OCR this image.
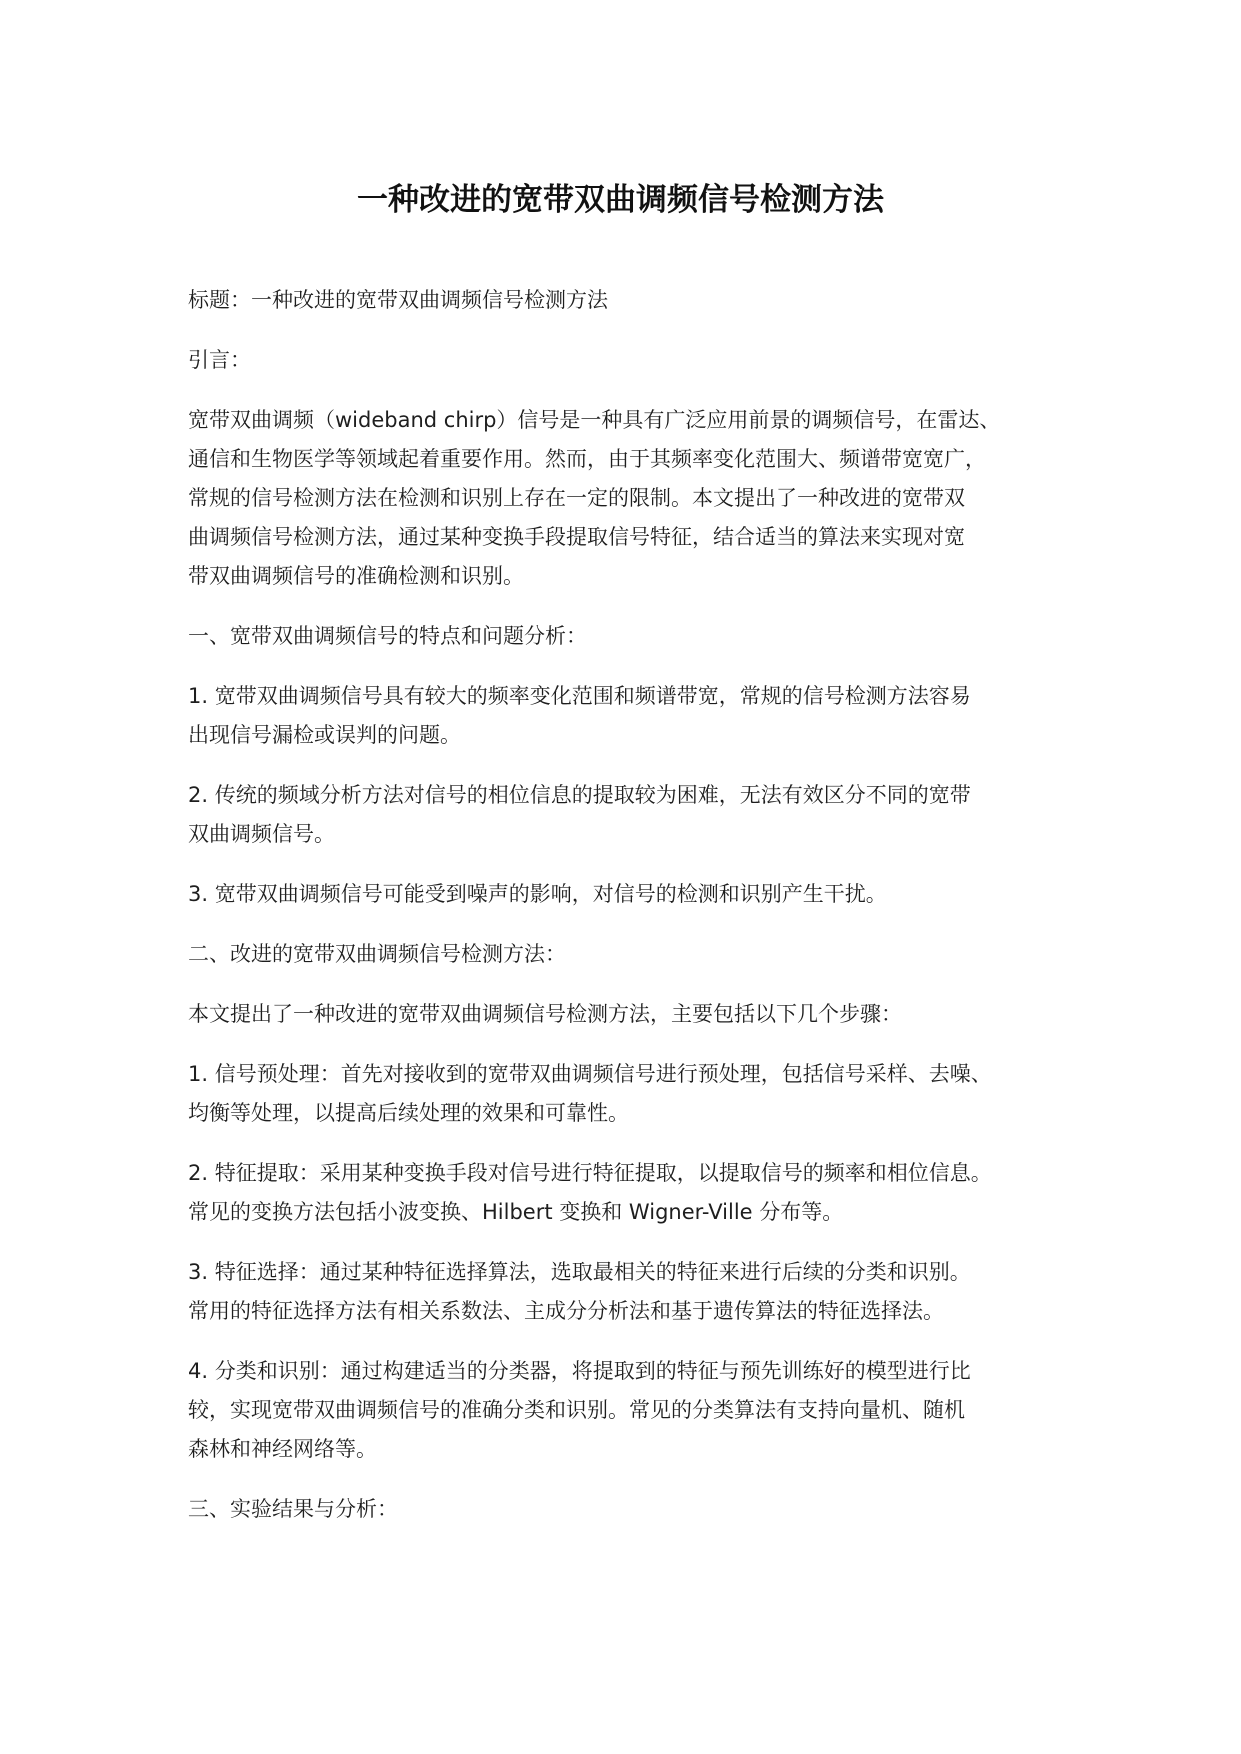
一种改进的宽带双曲调频信号检测方法

标题：一种改进的宽带双曲调频信号检测方法

引言：

宽带双曲调频（wideband chirp）信号是一种具有广泛应用前景的调频信号，在雷达、
通信和生物医学等领域起着重要作用。然而，由于其频率变化范围大、频谱带宽宽广，
常规的信号检测方法在检测和识别上存在一定的限制。本文提出了一种改进的宽带双
曲调频信号检测方法，通过某种变换手段提取信号特征，结合适当的算法来实现对宽
带双曲调频信号的准确检测和识别。

一、宽带双曲调频信号的特点和问题分析：

1. 宽带双曲调频信号具有较大的频率变化范围和频谱带宽，常规的信号检测方法容易
出现信号漏检或误判的问题。

2. 传统的频域分析方法对信号的相位信息的提取较为困难，无法有效区分不同的宽带
双曲调频信号。

3. 宽带双曲调频信号可能受到噪声的影响，对信号的检测和识别产生干扰。

二、改进的宽带双曲调频信号检测方法：

本文提出了一种改进的宽带双曲调频信号检测方法，主要包括以下几个步骤：

1. 信号预处理：首先对接收到的宽带双曲调频信号进行预处理，包括信号采样、去噪、
均衡等处理，以提高后续处理的效果和可靠性。

2. 特征提取：采用某种变换手段对信号进行特征提取，以提取信号的频率和相位信息。
常见的变换方法包括小波变换、Hilbert 变换和 Wigner-Ville 分布等。

3. 特征选择：通过某种特征选择算法，选取最相关的特征来进行后续的分类和识别。
常用的特征选择方法有相关系数法、主成分分析法和基于遗传算法的特征选择法。

4. 分类和识别：通过构建适当的分类器，将提取到的特征与预先训练好的模型进行比
较，实现宽带双曲调频信号的准确分类和识别。常见的分类算法有支持向量机、随机
森林和神经网络等。

三、实验结果与分析：
